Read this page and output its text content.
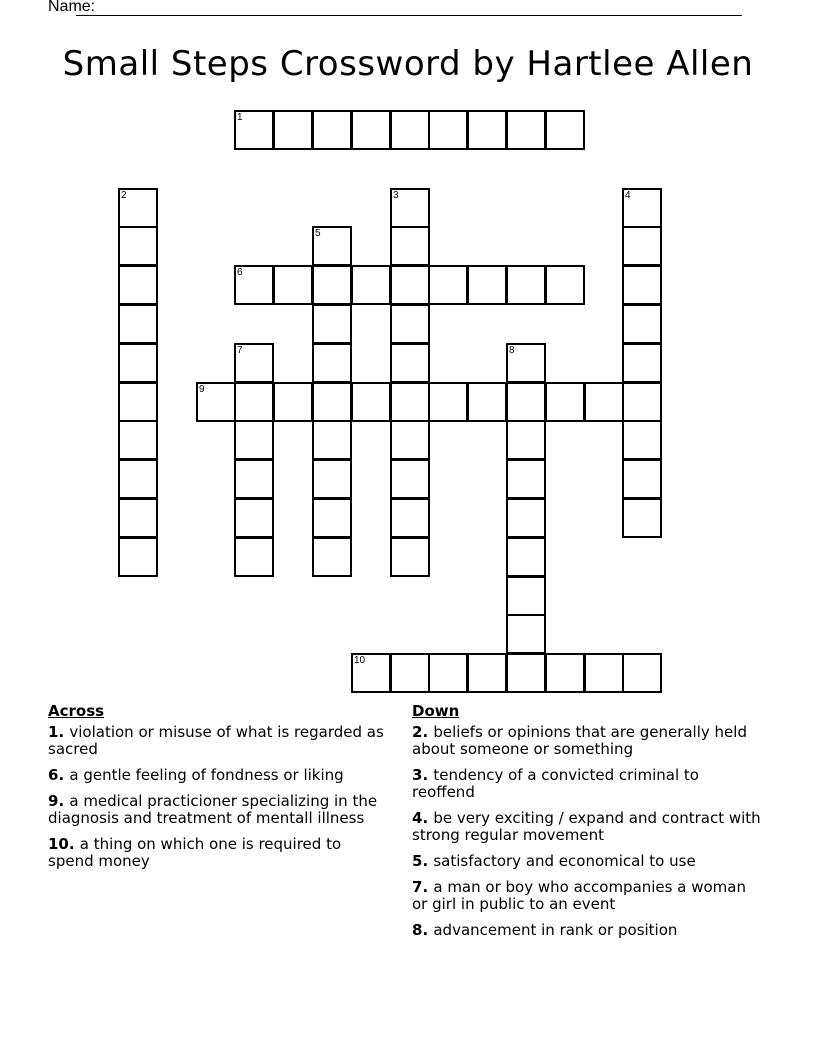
Name:
Small Steps Crossword by Hartlee Allen
1
2	3	4
5
6
7	8
9
10
Across
1. violation or misuse of what is regarded as sacred
6. a gentle feeling of fondness or liking
9. a medical practicioner specializing in the diagnosis and treatment of mentall illness
10. a thing on which one is required to spend money
Down
2. beliefs or opinions that are generally held about someone or something
3. tendency of a convicted criminal to reoffend
4. be very exciting / expand and contract with strong regular movement
5. satisfactory and economical to use
7. a man or boy who accompanies a woman or girl in public to an event
8. advancement in rank or position
